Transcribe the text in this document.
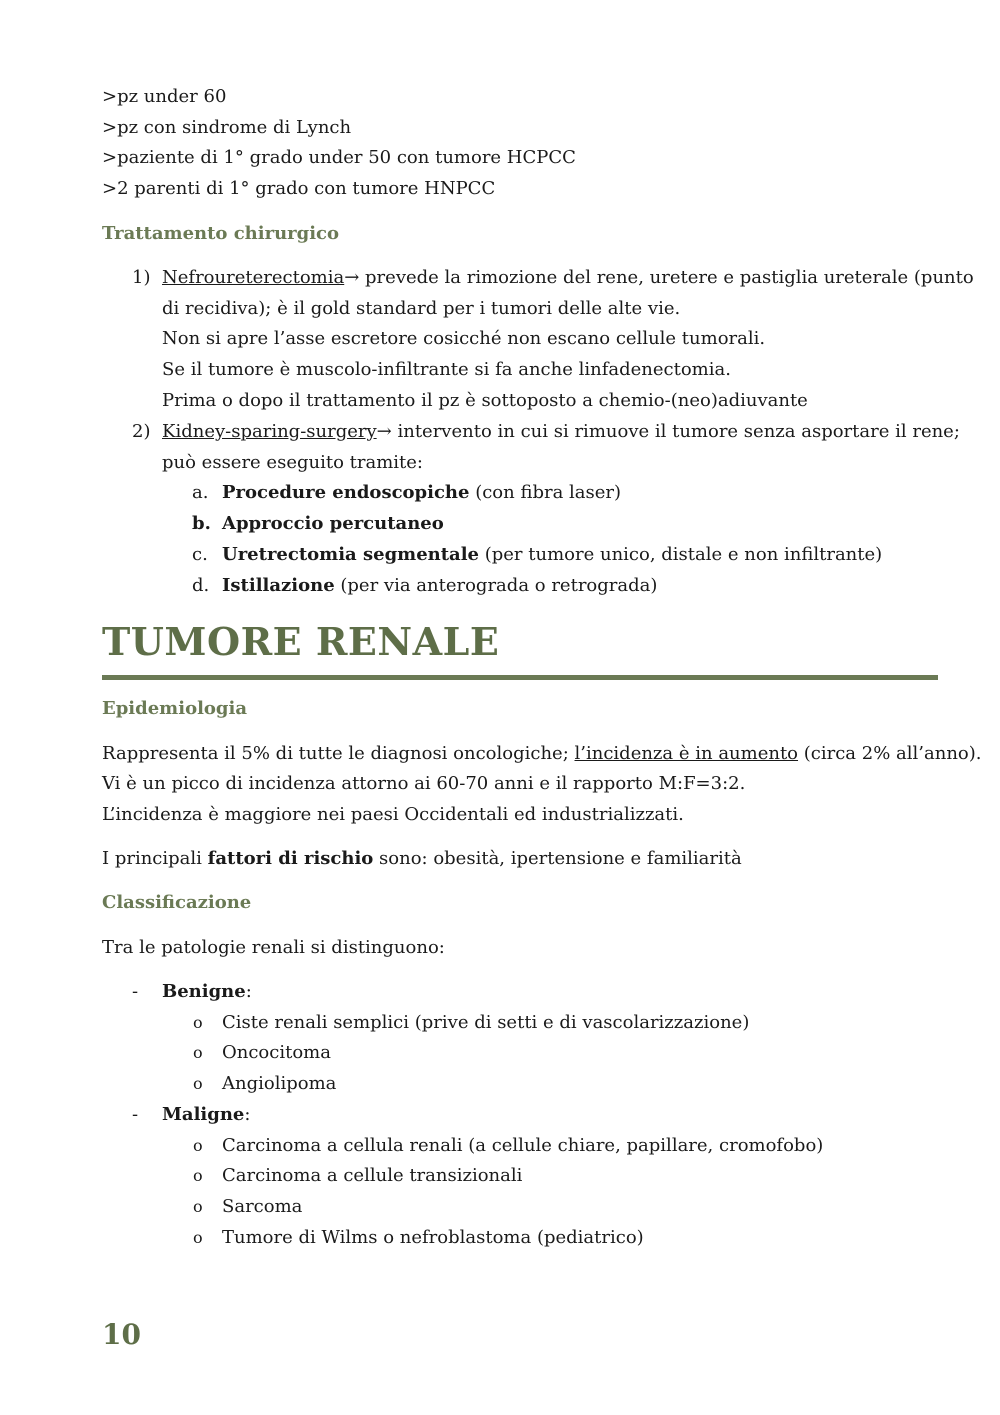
>pz under 60
>pz con sindrome di Lynch
>paziente di 1° grado under 50 con tumore HCPCC
>2 parenti di 1° grado con tumore HNPCC
Trattamento chirurgico
1) Nefroureterectomia→ prevede la rimozione del rene, uretere e pastiglia ureterale (punto
di recidiva); è il gold standard per i tumori delle alte vie.
Non si apre l’asse escretore cosicché non escano cellule tumorali.
Se il tumore è muscolo-infiltrante si fa anche linfadenectomia.
Prima o dopo il trattamento il pz è sottoposto a chemio-(neo)adiuvante
2) Kidney-sparing-surgery→ intervento in cui si rimuove il tumore senza asportare il rene;
può essere eseguito tramite:
a. Procedure endoscopiche (con fibra laser)
b. Approccio percutaneo
c. Uretrectomia segmentale (per tumore unico, distale e non infiltrante)
d. Istillazione (per via anterograda o retrograda)
TUMORE RENALE
Epidemiologia
Rappresenta il 5% di tutte le diagnosi oncologiche; l’incidenza è in aumento (circa 2% all’anno).
Vi è un picco di incidenza attorno ai 60-70 anni e il rapporto M:F=3:2.
L’incidenza è maggiore nei paesi Occidentali ed industrializzati.
I principali fattori di rischio sono: obesità, ipertensione e familiarità
Classificazione
Tra le patologie renali si distinguono:
- Benigne:
o Ciste renali semplici (prive di setti e di vascolarizzazione)
o Oncocitoma
o Angiolipoma
- Maligne:
o Carcinoma a cellula renali (a cellule chiare, papillare, cromofobo)
o Carcinoma a cellule transizionali
o Sarcoma
o Tumore di Wilms o nefroblastoma (pediatrico)
10
